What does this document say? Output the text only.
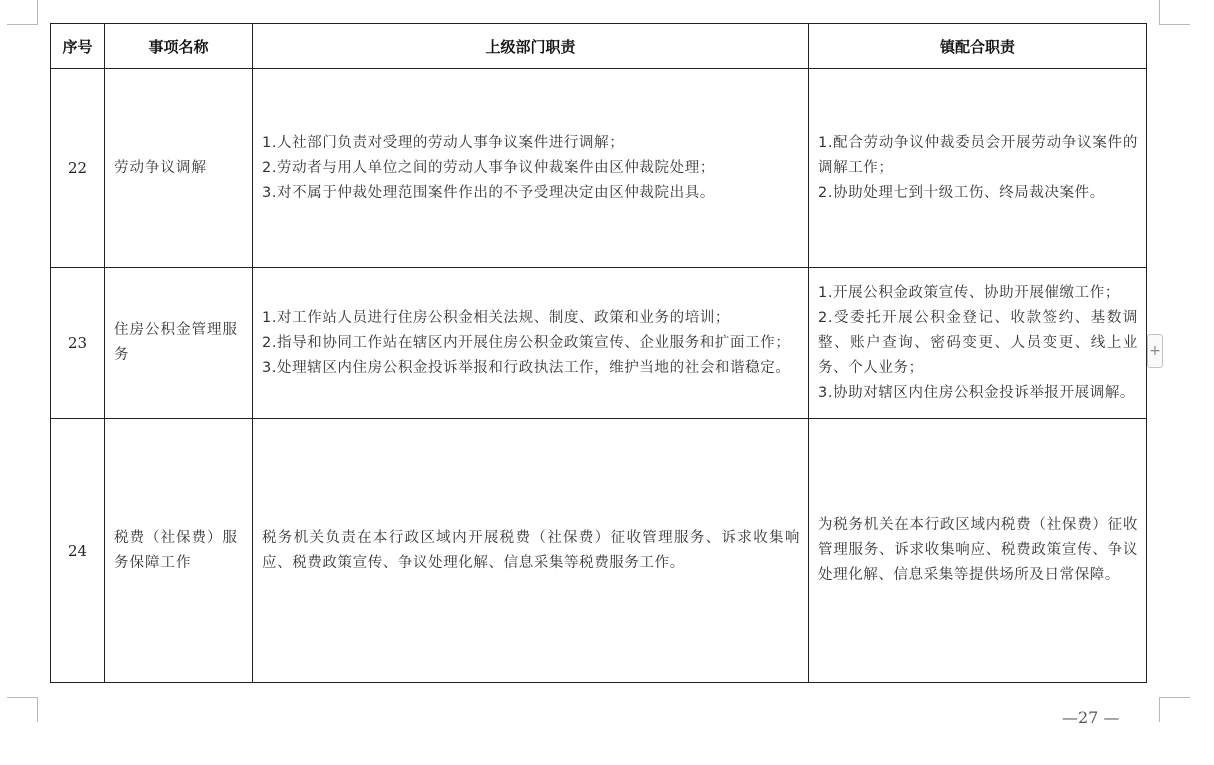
序号	事项名称	上级部门职责	镇配合职责
22	劳动争议调解	1.人社部门负责对受理的劳动人事争议案件进行调解；
2.劳动者与用人单位之间的劳动人事争议仲裁案件由区仲裁院处理；
3.对不属于仲裁处理范围案件作出的不予受理决定由区仲裁院出具。	1.配合劳动争议仲裁委员会开展劳动争议案件的调解工作；
2.协助处理七到十级工伤、终局裁决案件。

23	住房公积金管理服务	1.对工作站人员进行住房公积金相关法规、制度、政策和业务的培训；
2.指导和协同工作站在辖区内开展住房公积金政策宣传、企业服务和扩面工作；
3.处理辖区内住房公积金投诉举报和行政执法工作，维护当地的社会和谐稳定。	1.开展公积金政策宣传、协助开展催缴工作；
2.受委托开展公积金登记、收款签约、基数调整、账户查询、密码变更、人员变更、线上业务、个人业务；
3.协助对辖区内住房公积金投诉举报开展调解。

24	税费（社保费）服务保障工作	税务机关负责在本行政区域内开展税费（社保费）征收管理服务、诉求收集响应、税费政策宣传、争议处理化解、信息采集等税费服务工作。	为税务机关在本行政区域内税费（社保费）征收管理服务、诉求收集响应、税费政策宣传、争议处理化解、信息采集等提供场所及日常保障。
+
—27 —
